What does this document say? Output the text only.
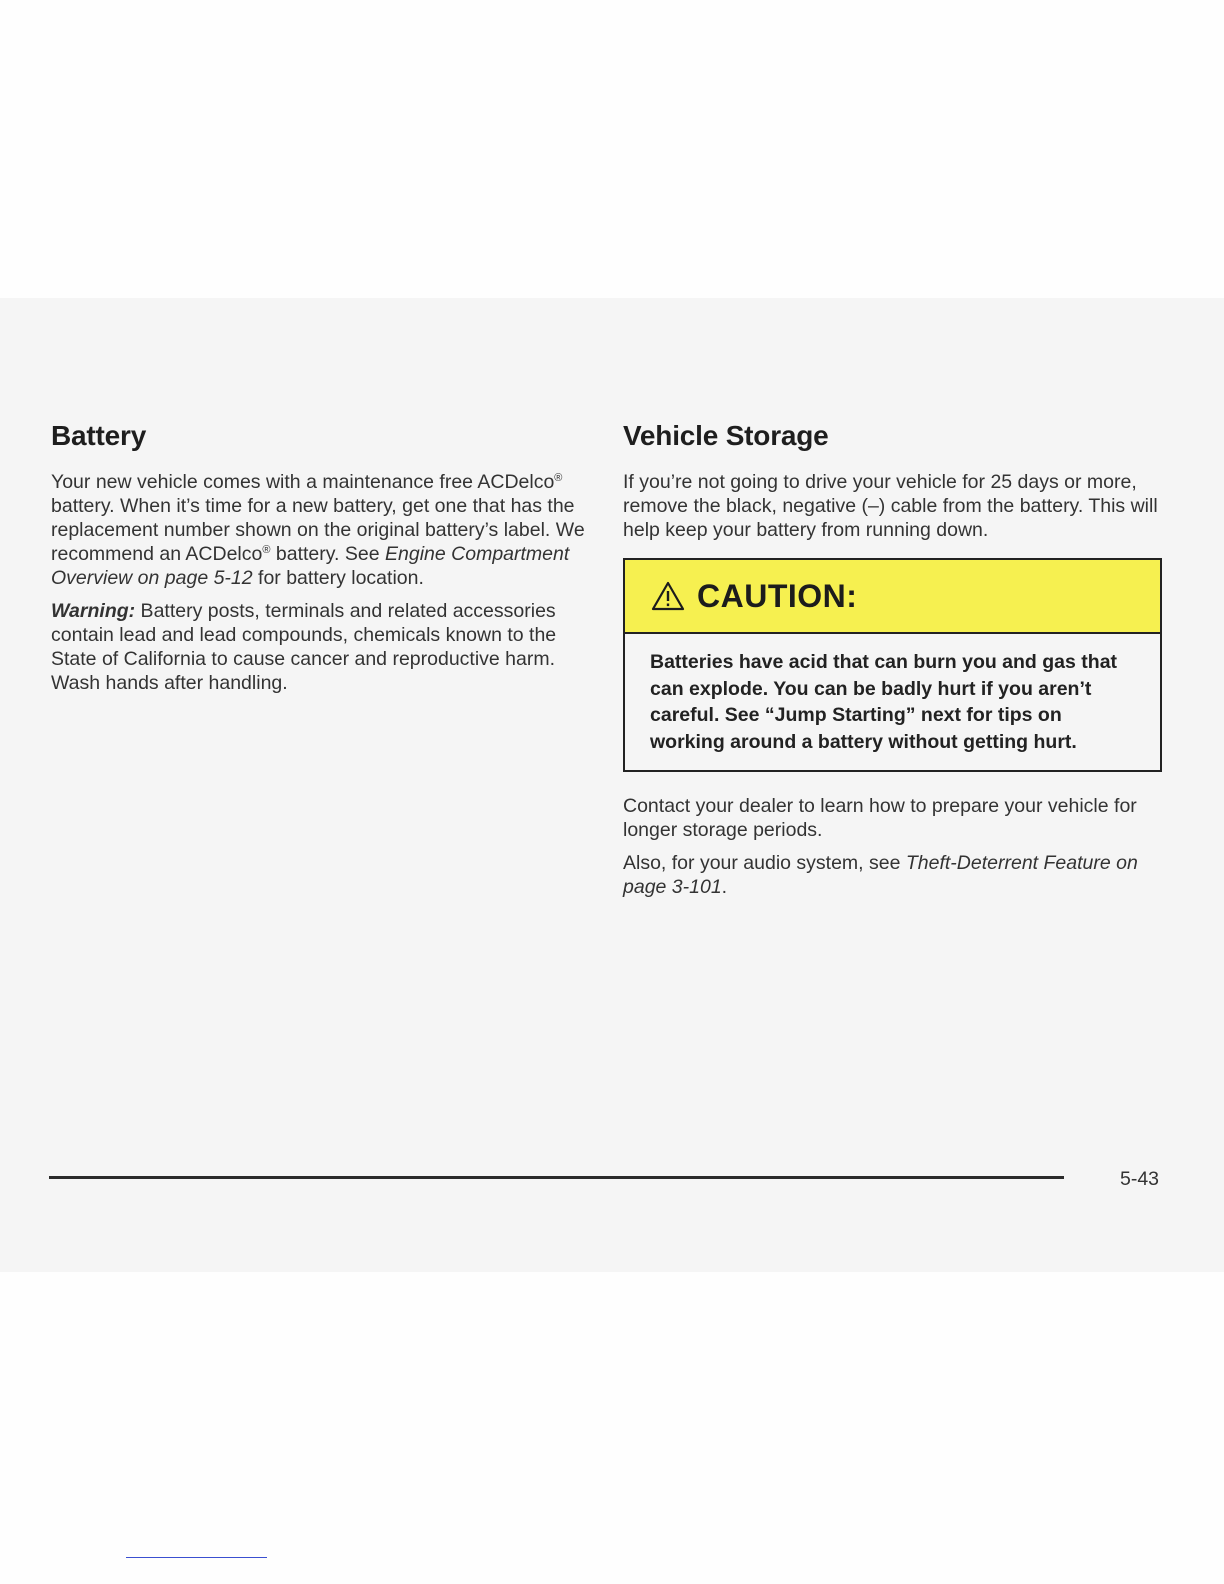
Battery

Your new vehicle comes with a maintenance free ACDelco® battery. When it’s time for a new battery, get one that has the replacement number shown on the original battery’s label. We recommend an ACDelco® battery. See Engine Compartment Overview on page 5-12 for battery location.

Warning: Battery posts, terminals and related accessories contain lead and lead compounds, chemicals known to the State of California to cause cancer and reproductive harm. Wash hands after handling.

Vehicle Storage

If you’re not going to drive your vehicle for 25 days or more, remove the black, negative (–) cable from the battery. This will help keep your battery from running down.

CAUTION:
Batteries have acid that can burn you and gas that can explode. You can be badly hurt if you aren’t careful. See “Jump Starting” next for tips on working around a battery without getting hurt.

Contact your dealer to learn how to prepare your vehicle for longer storage periods.

Also, for your audio system, see Theft-Deterrent Feature on page 3-101.

5-43
